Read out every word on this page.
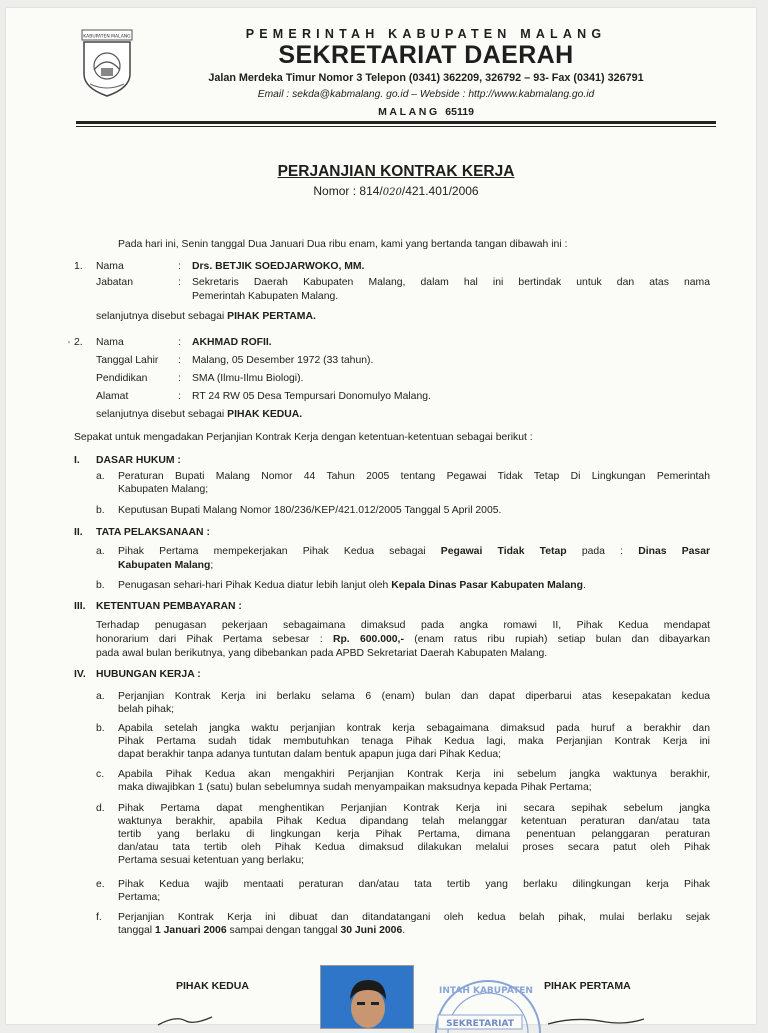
KABUPATEN MALANG	PEMERINTAH KABUPATEN MALANG
SEKRETARIAT DAERAH
Jalan Merdeka Timur Nomor 3 Telepon (0341) 362209, 326792 – 93- Fax (0341) 326791
Email : sekda@kabmalang. go.id – Webside : http://www.kabmalang.go.id
MALANG 65119
PERJANJIAN KONTRAK KERJA
Nomor : 814/020/421.401/2006
Pada hari ini, Senin tanggal Dua Januari Dua ribu enam, kami yang bertanda tangan dibawah ini :
1. Nama	: Drs. BETJIK SOEDJARWOKO, MM.
Jabatan	: Sekretaris Daerah Kabupaten Malang, dalam hal ini bertindak untuk dan atas nama
Pemerintah Kabupaten Malang.
selanjutnya disebut sebagai PIHAK PERTAMA.
' 2. Nama	: AKHMAD ROFII.
Tanggal Lahir : Malang, 05 Desember 1972 (33 tahun).
Pendidikan	: SMA (Ilmu-Ilmu Biologi).
Alamat	: RT 24 RW 05 Desa Tempursari Donomulyo Malang.
selanjutnya disebut sebagai PIHAK KEDUA.
Sepakat untuk mengadakan Perjanjian Kontrak Kerja dengan ketentuan-ketentuan sebagai berikut :
I. DASAR HUKUM :
a. Peraturan Bupati Malang Nomor 44 Tahun 2005 tentang Pegawai Tidak Tetap Di Lingkungan Pemerintah
Kabupaten Malang;
b. Keputusan Bupati Malang Nomor 180/236/KEP/421.012/2005 Tanggal 5 April 2005.
II. TATA PELAKSANAAN :
a. Pihak Pertama mempekerjakan Pihak Kedua sebagai Pegawai Tidak Tetap pada : Dinas Pasar
Kabupaten Malang;
b. Penugasan sehari-hari Pihak Kedua diatur lebih lanjut oleh Kepala Dinas Pasar Kabupaten Malang.
III. KETENTUAN PEMBAYARAN :
Terhadap penugasan pekerjaan sebagaimana dimaksud pada angka romawi II, Pihak Kedua mendapat
honorarium dari Pihak Pertama sebesar : Rp. 600.000,- (enam ratus ribu rupiah) setiap bulan dan dibayarkan
pada awal bulan berikutnya, yang dibebankan pada APBD Sekretariat Daerah Kabupaten Malang.
IV. HUBUNGAN KERJA :
a. Perjanjian Kontrak Kerja ini berlaku selama 6 (enam) bulan dan dapat diperbarui atas kesepakatan kedua
belah pihak;
b. Apabila setelah jangka waktu perjanjian kontrak kerja sebagaimana dimaksud pada huruf a berakhir dan
Pihak Pertama sudah tidak membutuhkan tenaga Pihak Kedua lagi, maka Perjanjian Kontrak Kerja ini
dapat berakhir tanpa adanya tuntutan dalam bentuk apapun juga dari Pihak Kedua;
c. Apabila Pihak Kedua akan mengakhiri Perjanjian Kontrak Kerja ini sebelum jangka waktunya berakhir,
maka diwajibkan 1 (satu) bulan sebelumnya sudah menyampaikan maksudnya kepada Pihak Pertama;
d. Pihak Pertama dapat menghentikan Perjanjian Kontrak Kerja ini secara sepihak sebelum jangka
waktunya berakhir, apabila Pihak Kedua dipandang telah melanggar ketentuan peraturan dan/atau tata
tertib yang berlaku di lingkungan kerja Pihak Pertama, dimana penentuan pelanggaran peraturan
dan/atau tata tertib oleh Pihak Kedua dimaksud dilakukan melalui proses secara patut oleh Pihak
Pertama sesuai ketentuan yang berlaku;
e. Pihak Kedua wajib mentaati peraturan dan/atau tata tertib yang berlaku dilingkungan kerja Pihak
Pertama;
f. Perjanjian Kontrak Kerja ini dibuat dan ditandatangani oleh kedua belah pihak, mulai berlaku sejak
tanggal 1 Januari 2006 sampai dengan tanggal 30 Juni 2006.
PIHAK KEDUA	PIHAK PERTAMA
INTAH KABUPATEN
SEKRETARIAT
